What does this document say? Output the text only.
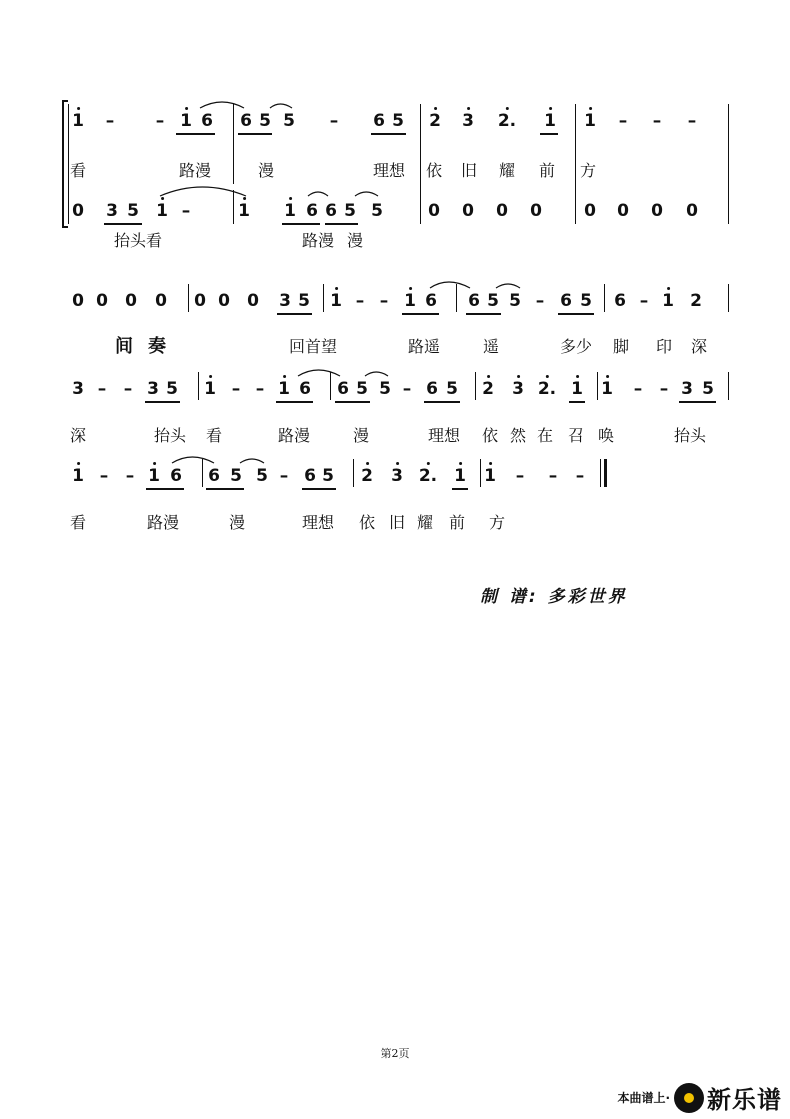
1 – – 1 6 6 5 5 – 6 5 2 3 2. 1 1 – – –
看	路漫	漫	理想 依 旧 耀 前 方
0 3 5 1 –	1 1 6 6 5 5	0 0 0 0 0 0 0 0
抬头看	路漫 漫
0 0 0 0 0 0 0 3 5 1 – – 1 6 6 5 5 – 6 5 6 – 1 2
间 奏	回首望	路遥	遥	多少 脚 印 深
3 – – 3 5 1 – – 1 6 6 5 5 – 6 5 2 3 2. 1 1 – – 3 5
深	抬头 看	路漫	漫	理想 依 然 在 召 唤	抬头
1 – – 1 6 6 5 5 – 6 5 2 3 2. 1 1 – – –
看	路漫	漫	理想 依 旧 耀 前 方
制 谱: 多彩世界
第2页
本曲谱上· 新乐谱
